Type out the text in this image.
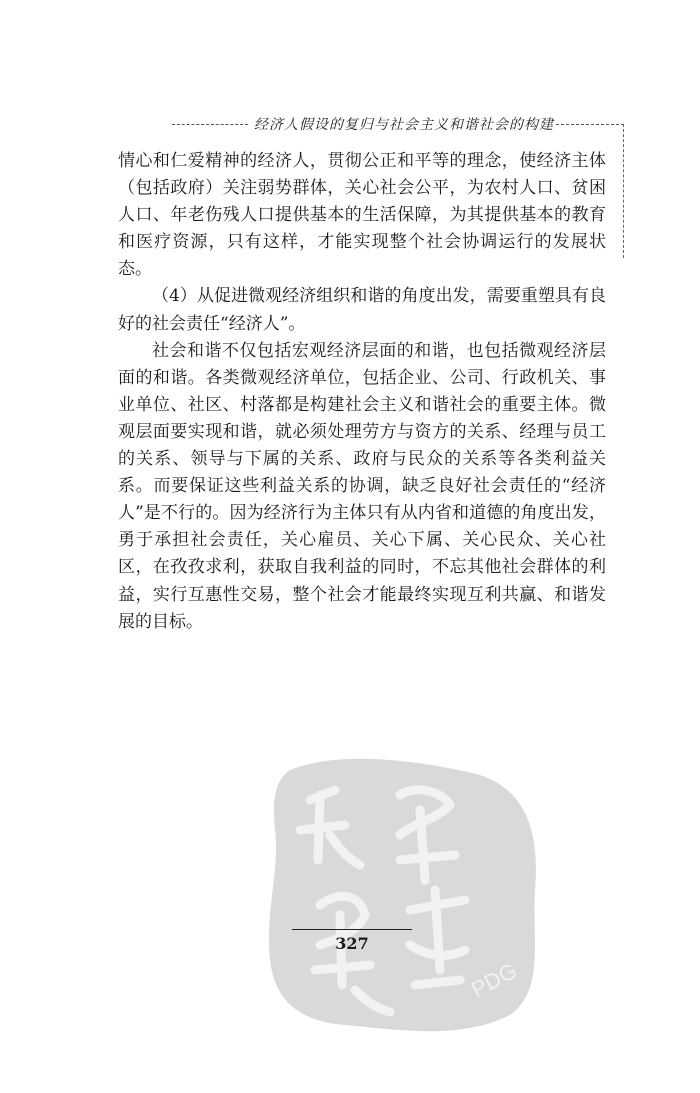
经济人假设的复归与社会主义和谐社会的构建

情心和仁爱精神的经济人，贯彻公正和平等的理念，使经济主体（包括政府）关注弱势群体，关心社会公平，为农村人口、贫困人口、年老伤残人口提供基本的生活保障，为其提供基本的教育和医疗资源，只有这样，才能实现整个社会协调运行的发展状态。

（4）从促进微观经济组织和谐的角度出发，需要重塑具有良好的社会责任“经济人”。

社会和谐不仅包括宏观经济层面的和谐，也包括微观经济层面的和谐。各类微观经济单位，包括企业、公司、行政机关、事业单位、社区、村落都是构建社会主义和谐社会的重要主体。微观层面要实现和谐，就必须处理劳方与资方的关系、经理与员工的关系、领导与下属的关系、政府与民众的关系等各类利益关系。而要保证这些利益关系的协调，缺乏良好社会责任的“经济人”是不行的。因为经济行为主体只有从内省和道德的角度出发，勇于承担社会责任，关心雇员、关心下属、关心民众、关心社区，在孜孜求利，获取自我利益的同时，不忘其他社会群体的利益，实行互惠性交易，整个社会才能最终实现互利共赢、和谐发展的目标。

PDG
327
